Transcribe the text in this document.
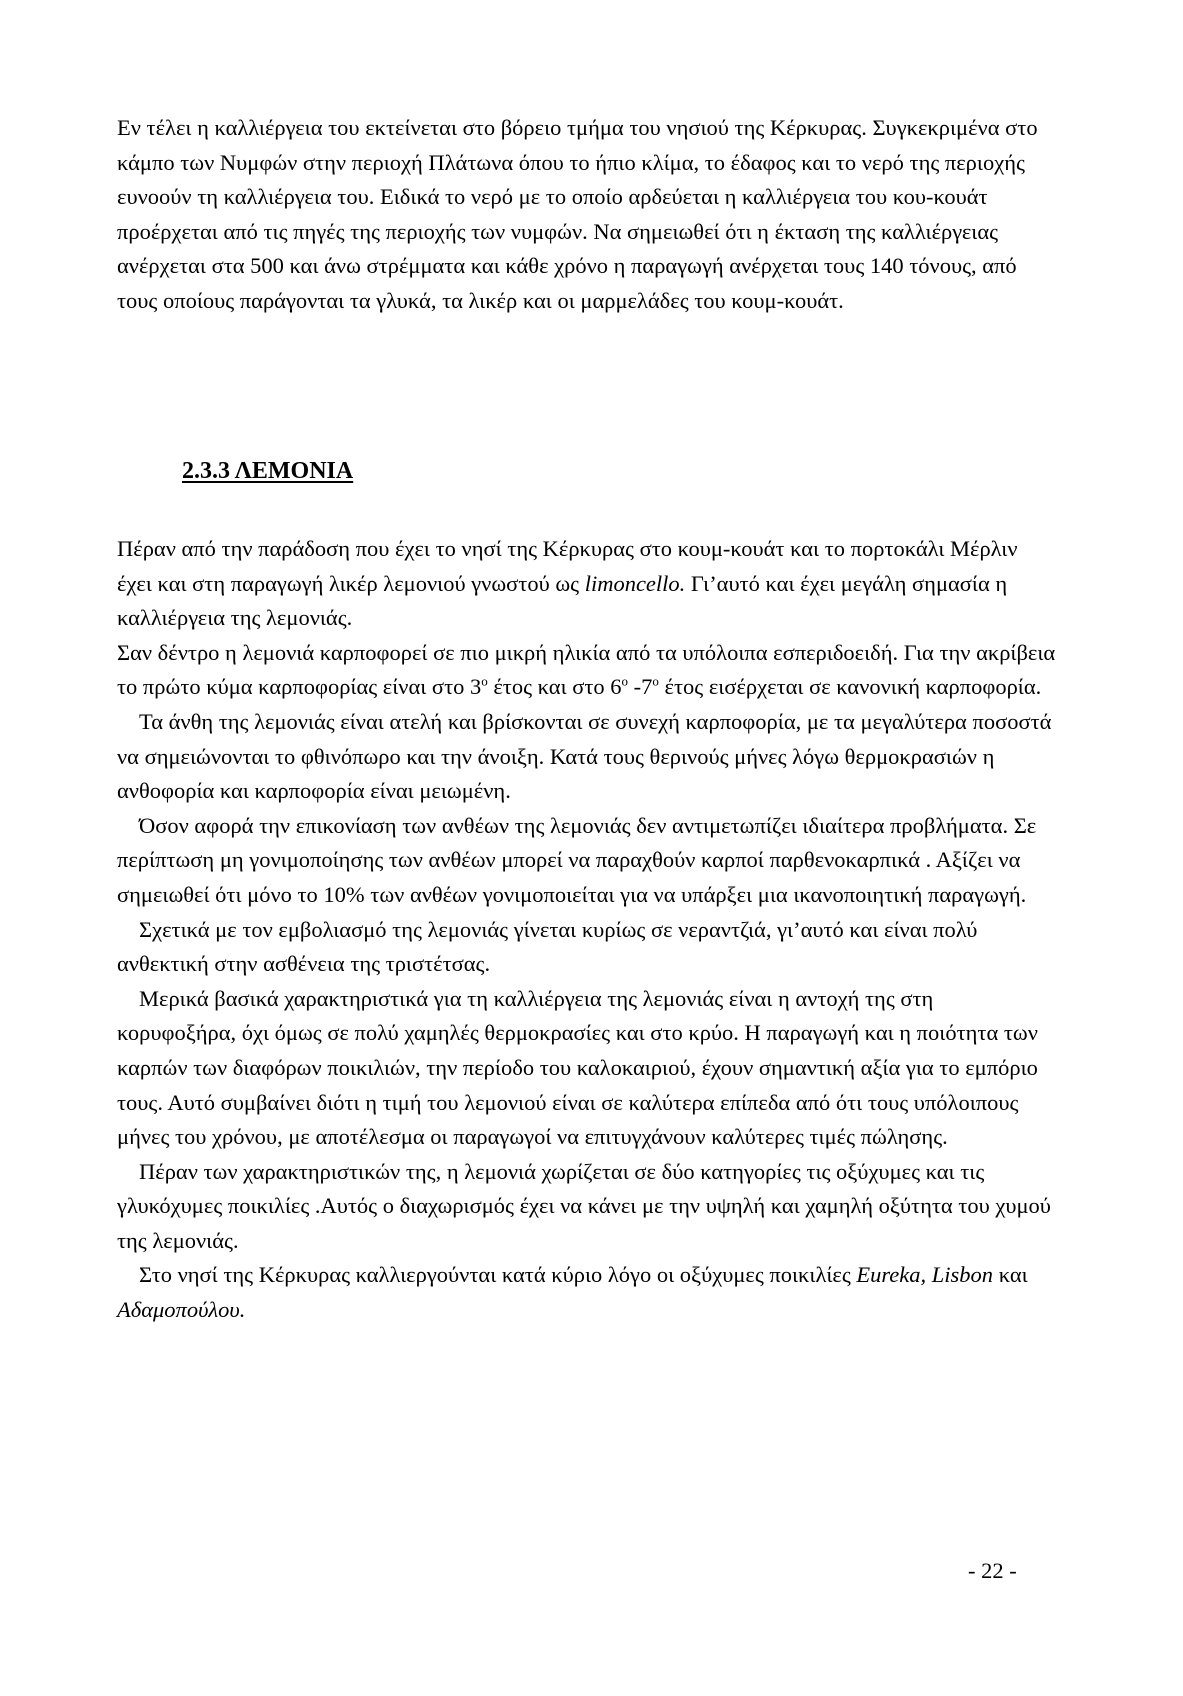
Εν τέλει η καλλιέργεια του εκτείνεται στο βόρειο τμήμα του νησιού της Κέρκυρας. Συγκεκριμένα στο κάμπο των Νυμφών στην περιοχή Πλάτωνα όπου το ήπιο κλίμα, το έδαφος και το νερό της περιοχής ευνοούν τη καλλιέργεια του. Ειδικά το νερό με το οποίο αρδεύεται η καλλιέργεια του κου-κουάτ προέρχεται από τις πηγές της περιοχής των νυμφών. Να σημειωθεί ότι η έκταση της καλλιέργειας ανέρχεται στα 500 και άνω στρέμματα και κάθε χρόνο η παραγωγή ανέρχεται τους 140 τόνους, από τους οποίους παράγονται τα γλυκά, τα λικέρ και οι μαρμελάδες του κουμ-κουάτ.

2.3.3 ΛΕΜΟΝΙΑ

Πέραν από την παράδοση που έχει το νησί της Κέρκυρας στο κουμ-κουάτ και το πορτοκάλι Μέρλιν έχει και στη παραγωγή λικέρ λεμονιού γνωστού ως limoncello. Γι’αυτό και έχει μεγάλη σημασία η καλλιέργεια της λεμονιάς.

Σαν δέντρο η λεμονιά καρποφορεί σε πιο μικρή ηλικία από τα υπόλοιπα εσπεριδοειδή. Για την ακρίβεια το πρώτο κύμα καρποφορίας είναι στο $3^o$ έτος και στο $6^o$ $-7^o$ έτος εισέρχεται σε κανονική καρποφορία.

Τα άνθη της λεμονιάς είναι ατελή και βρίσκονται σε συνεχή καρποφορία, με τα μεγαλύτερα ποσοστά να σημειώνονται το φθινόπωρο και την άνοιξη. Κατά τους θερινούς μήνες λόγω θερμοκρασιών η ανθοφορία και καρποφορία είναι μειωμένη.

Όσον αφορά την επικονίαση των ανθέων της λεμονιάς δεν αντιμετωπίζει ιδιαίτερα προβλήματα. Σε περίπτωση μη γονιμοποίησης των ανθέων μπορεί να παραχθούν καρποί παρθενοκαρπικά . Αξίζει να σημειωθεί ότι μόνο το 10% των ανθέων γονιμοποιείται για να υπάρξει μια ικανοποιητική παραγωγή.

Σχετικά με τον εμβολιασμό της λεμονιάς γίνεται κυρίως σε νεραντζιά, γι’αυτό και είναι πολύ ανθεκτική στην ασθένεια της τριστέτσας.

Μερικά βασικά χαρακτηριστικά για τη καλλιέργεια της λεμονιάς είναι η αντοχή της στη κορυφοξήρα, όχι όμως σε πολύ χαμηλές θερμοκρασίες και στο κρύο. Η παραγωγή και η ποιότητα των καρπών των διαφόρων ποικιλιών, την περίοδο του καλοκαιριού, έχουν σημαντική αξία για το εμπόριο τους. Αυτό συμβαίνει διότι η τιμή του λεμονιού είναι σε καλύτερα επίπεδα από ότι τους υπόλοιπους μήνες του χρόνου, με αποτέλεσμα οι παραγωγοί να επιτυγχάνουν καλύτερες τιμές πώλησης.

Πέραν των χαρακτηριστικών της, η λεμονιά χωρίζεται σε δύο κατηγορίες τις οξύχυμες και τις γλυκόχυμες ποικιλίες .Αυτός ο διαχωρισμός έχει να κάνει με την υψηλή και χαμηλή οξύτητα του χυμού της λεμονιάς.

Στο νησί της Κέρκυρας καλλιεργούνται κατά κύριο λόγο οι οξύχυμες ποικιλίες Eureka, Lisbon και Αδαμοπούλου.

- 22 -
